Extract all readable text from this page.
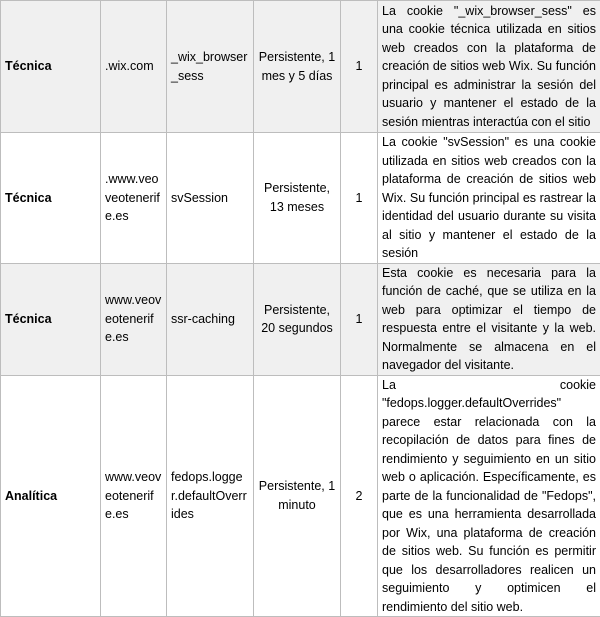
Técnica	.wix.com	_wix_browser_sess	Persistente, 1 mes y 5 días	1	La cookie "_wix_browser_sess" es una cookie técnica utilizada en sitios web creados con la plataforma de creación de sitios web Wix. Su función principal es administrar la sesión del usuario y mantener el estado de la sesión mientras interactúa con el sitio
Técnica	.www.veoveotenerife.es	svSession	Persistente, 13 meses	1	La cookie "svSession" es una cookie utilizada en sitios web creados con la plataforma de creación de sitios web Wix. Su función principal es rastrear la identidad del usuario durante su visita al sitio y mantener el estado de la sesión
Técnica	www.veoveotenerife.es	ssr-caching	Persistente, 20 segundos	1	Esta cookie es necesaria para la función de caché, que se utiliza en la web para optimizar el tiempo de respuesta entre el visitante y la web. Normalmente se almacena en el navegador del visitante.
Analítica	www.veoveotenerife.es	fedops.logger.defaultOverrides	Persistente, 1 minuto	2	La cookie "fedops.logger.defaultOverrides" parece estar relacionada con la recopilación de datos para fines de rendimiento y seguimiento en un sitio web o aplicación. Específicamente, es parte de la funcionalidad de "Fedops", que es una herramienta desarrollada por Wix, una plataforma de creación de sitios web. Su función es permitir que los desarrolladores realicen un seguimiento y optimicen el rendimiento del sitio web.
